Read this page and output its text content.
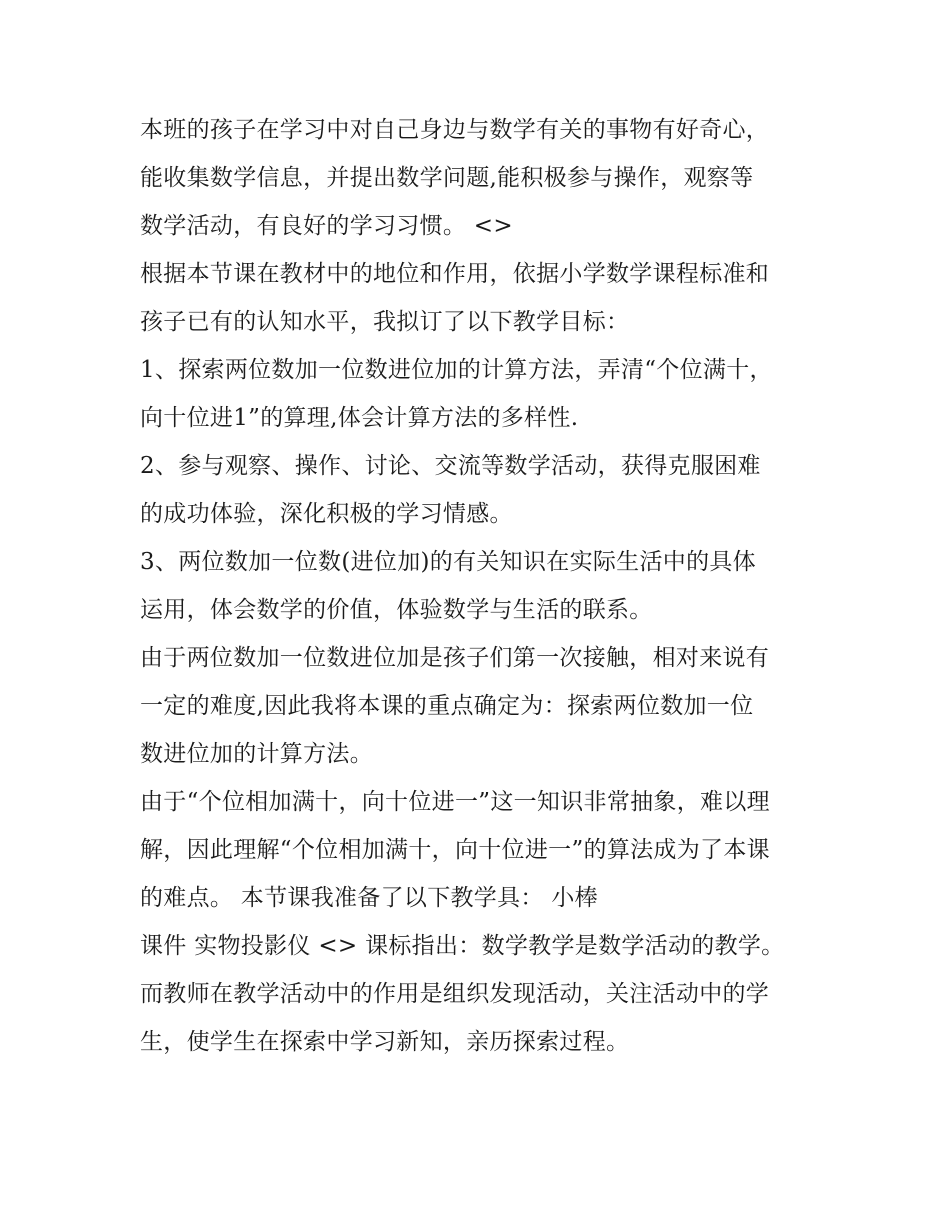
本班的孩子在学习中对自己身边与数学有关的事物有好奇心，
能收集数学信息，并提出数学问题,能积极参与操作，观察等
数学活动，有良好的学习习惯。 <>
根据本节课在教材中的地位和作用，依据小学数学课程标准和
孩子已有的认知水平，我拟订了以下教学目标：
1、探索两位数加一位数进位加的计算方法，弄清“个位满十，
向十位进1”的算理,体会计算方法的多样性.
2、参与观察、操作、讨论、交流等数学活动，获得克服困难
的成功体验，深化积极的学习情感。
3、两位数加一位数(进位加)的有关知识在实际生活中的具体
运用，体会数学的价值，体验数学与生活的联系。
由于两位数加一位数进位加是孩子们第一次接触，相对来说有
一定的难度,因此我将本课的重点确定为：探索两位数加一位
数进位加的计算方法。
由于“个位相加满十，向十位进一”这一知识非常抽象，难以理
解，因此理解“个位相加满十，向十位进一”的算法成为了本课
的难点。 本节课我准备了以下教学具： 小棒
课件 实物投影仪 <> 课标指出：数学教学是数学活动的教学。
而教师在教学活动中的作用是组织发现活动，关注活动中的学
生，使学生在探索中学习新知，亲历探索过程。
